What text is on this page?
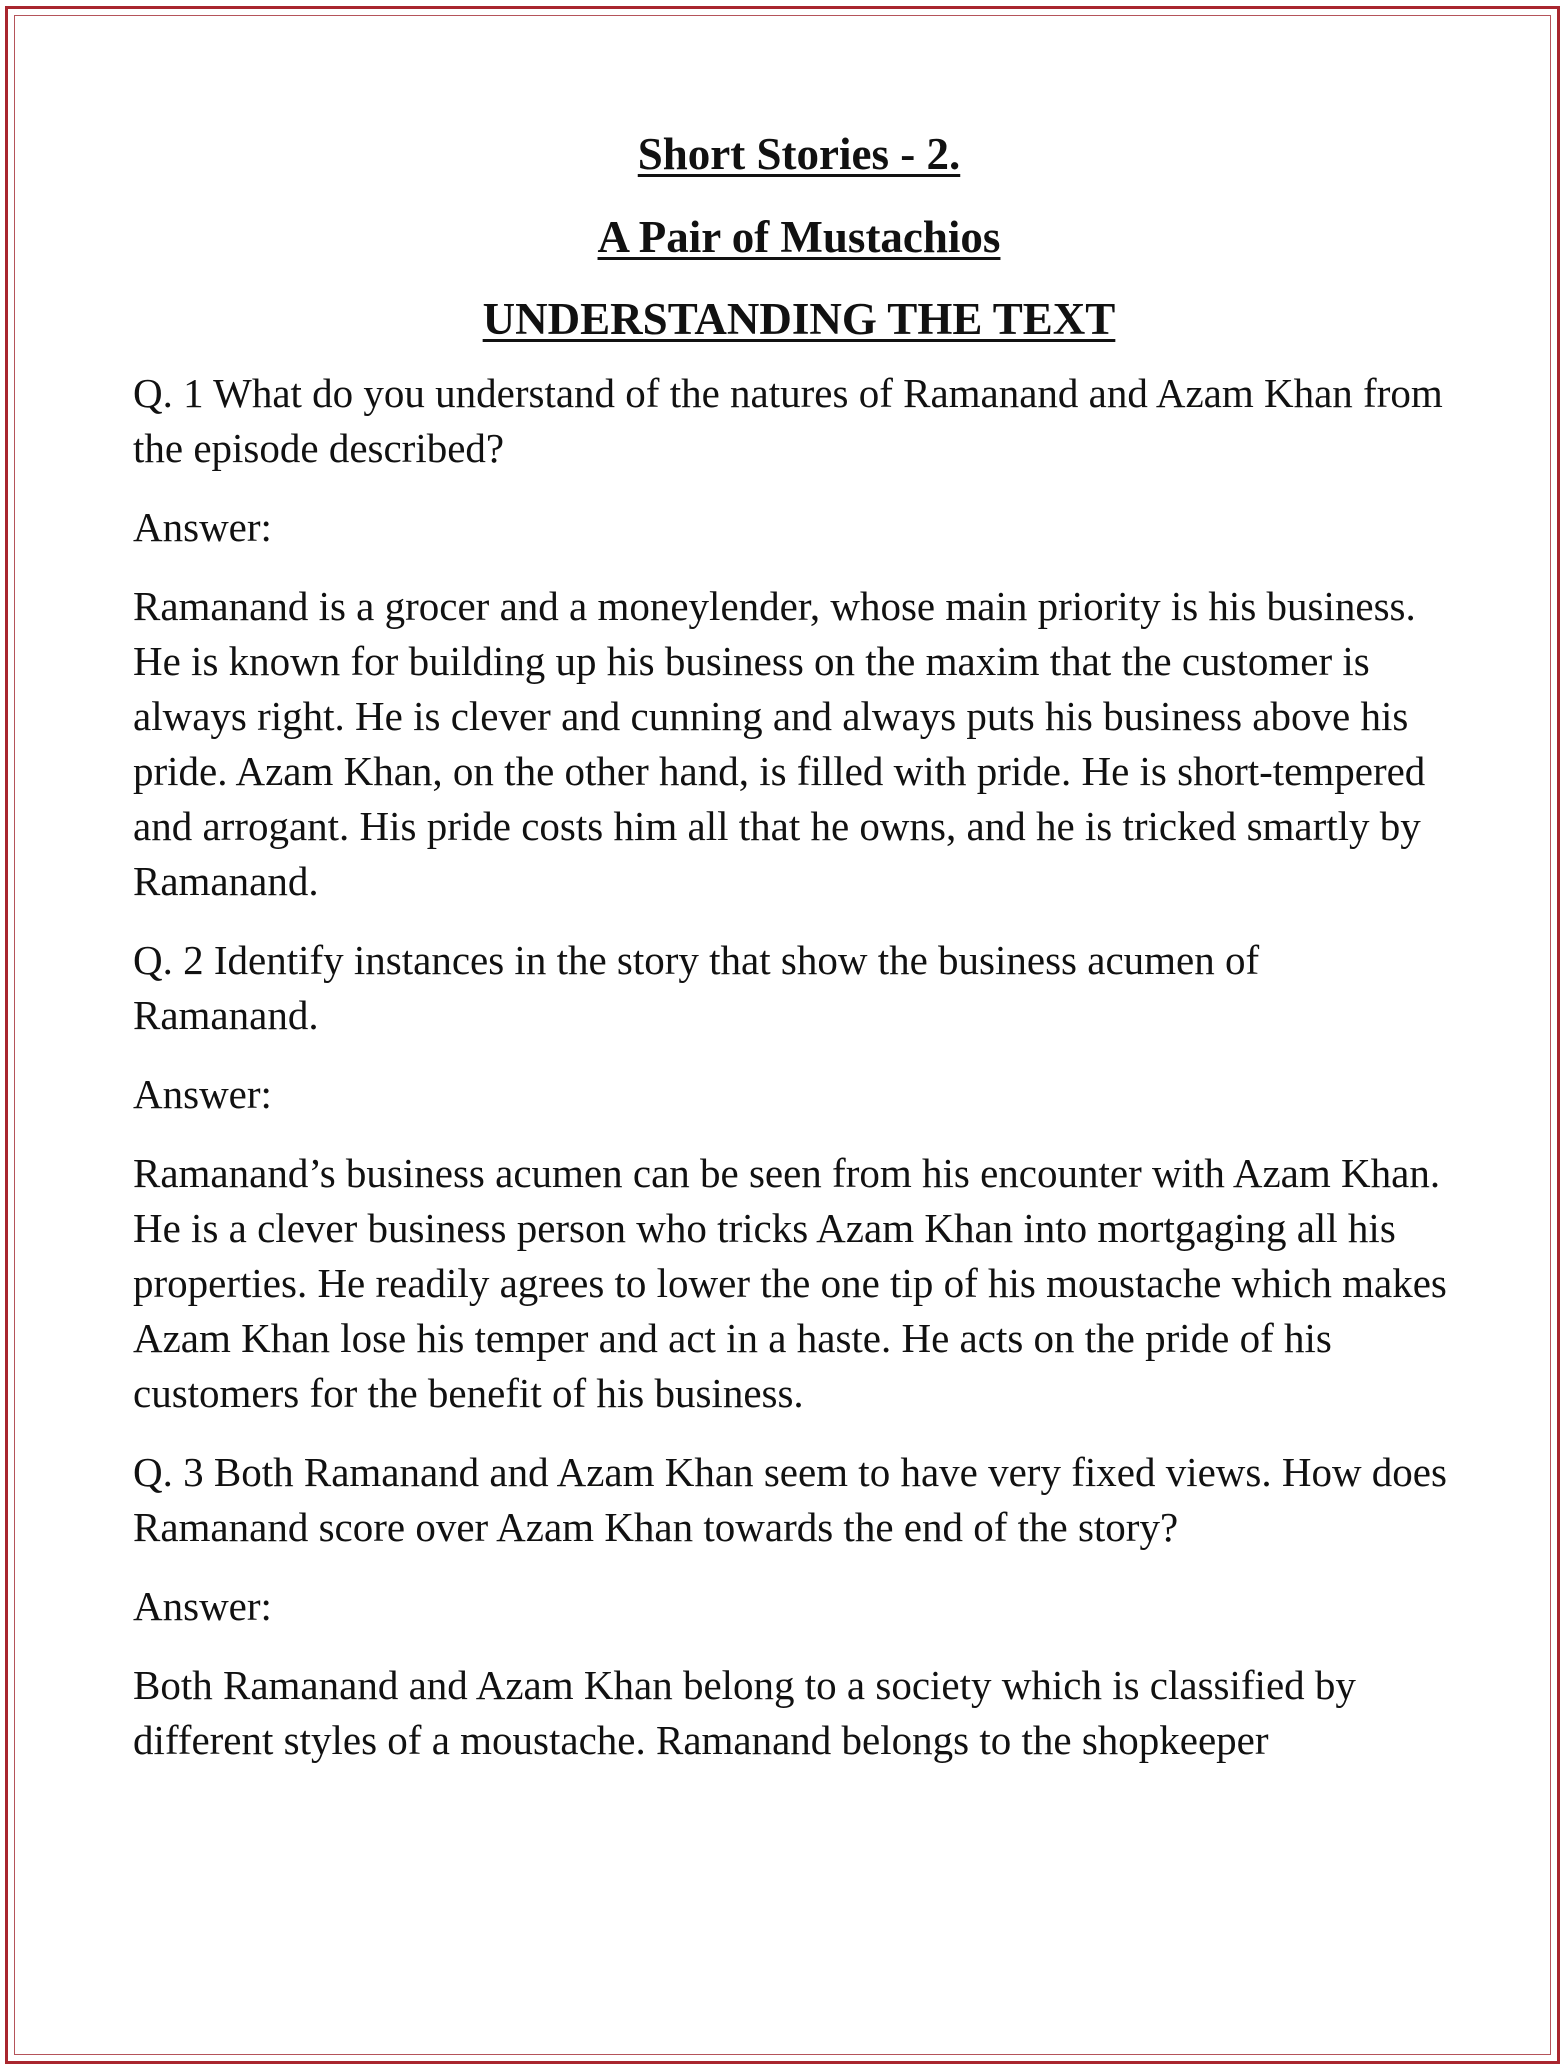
Short Stories - 2.
A Pair of Mustachios
UNDERSTANDING THE TEXT

Q. 1 What do you understand of the natures of Ramanand and Azam Khan from the episode described?

Answer:

Ramanand is a grocer and a moneylender, whose main priority is his business. He is known for building up his business on the maxim that the customer is always right. He is clever and cunning and always puts his business above his pride. Azam Khan, on the other hand, is filled with pride. He is short-tempered and arrogant. His pride costs him all that he owns, and he is tricked smartly by Ramanand.

Q. 2 Identify instances in the story that show the business acumen of Ramanand.

Answer:

Ramanand’s business acumen can be seen from his encounter with Azam Khan. He is a clever business person who tricks Azam Khan into mortgaging all his properties. He readily agrees to lower the one tip of his moustache which makes Azam Khan lose his temper and act in a haste. He acts on the pride of his customers for the benefit of his business.

Q. 3 Both Ramanand and Azam Khan seem to have very fixed views. How does Ramanand score over Azam Khan towards the end of the story?

Answer:

Both Ramanand and Azam Khan belong to a society which is classified by different styles of a moustache. Ramanand belongs to the shopkeeper
